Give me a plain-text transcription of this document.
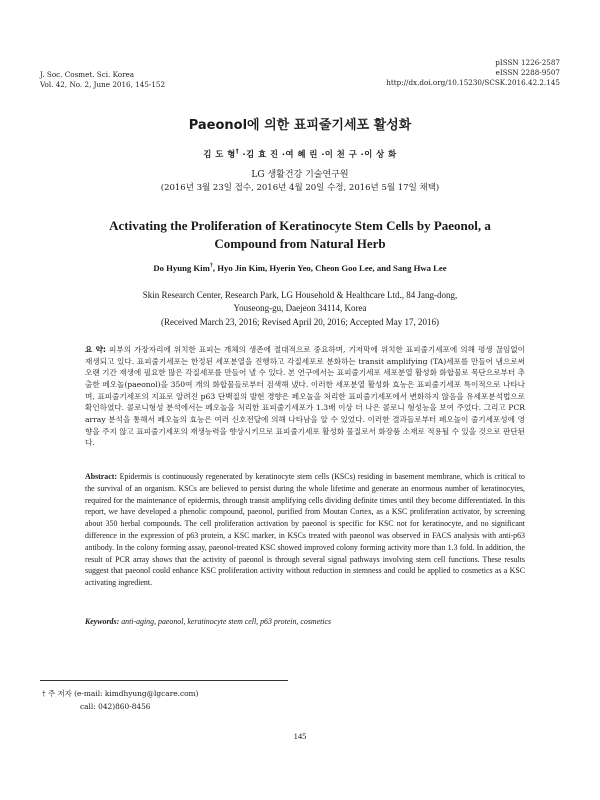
J. Soc. Cosmet. Sci. Korea
Vol. 42, No. 2, June 2016, 145-152
pISSN 1226-2587
eISSN 2288-9507
http://dx.doi.org/10.15230/SCSK.2016.42.2.145
Paeonol에 의한 표피줄기세포 활성화
김 도 형† ·김 효 진 ·여 혜 린 ·이 천 구 ·이 상 화
LG 생활건강 기술연구원
(2016년 3월 23일 접수, 2016년 4월 20일 수정, 2016년 5월 17일 채택)
Activating the Proliferation of Keratinocyte Stem Cells by Paeonol, a Compound from Natural Herb
Do Hyung Kim†, Hyo Jin Kim, Hyerin Yeo, Cheon Goo Lee, and Sang Hwa Lee
Skin Research Center, Research Park, LG Household & Healthcare Ltd., 84 Jang-dong,
Youseong-gu, Daejeon 34114, Korea
(Received March 23, 2016; Revised April 20, 2016; Accepted May 17, 2016)
요 약: 피부의 가장자리에 위치한 표피는 개체의 생존에 절대적으로 중요하며, 기저막에 위치한 표피줄기세포에 의해 평생 끊임없이 재생되고 있다. 표피줄기세포는 한정된 세포분열을 진행하고 각질세포로 분화하는 transit amplifying (TA)세포를 만들어 냄으로써 오랜 기간 재생에 필요한 많은 각질세포를 만들어 낼 수 있다. 본 연구에서는 표피줄기세포 세포분열 활성화 화합물로 목단으로부터 추출한 페오놀(paeonol)을 350여 개의 화합물들로부터 검색해 냈다. 이러한 세포분열 활성화 효능은 표피줄기세포 특이적으로 나타나며, 표피줄기세포의 지표로 알려진 p63 단백질의 발현 경향은 페오놀을 처리한 표피줄기세포에서 변화하지 않음을 유세포분석법으로 확인하였다. 콜로니형성 분석에서는 페오놀을 처리한 표피줄기세포가 1.3배 이상 더 나은 콜로니 형성능을 보여 주었다. 그리고 PCR array 분석을 통해서 페오놀의 효능은 여러 신호전달에 의해 나타남을 알 수 있었다. 이러한 결과들로부터 페오놀이 줄기세포성에 영향을 주지 않고 표피줄기세포의 재생능력을 향상시키므로 표피줄기세포 활성화 물질로서 화장품 소재로 적용될 수 있을 것으로 판단된다.
Abstract: Epidermis is continuously regenerated by keratinocyte stem cells (KSCs) residing in basement membrane, which is critical to the survival of an organism. KSCs are believed to persist during the whole lifetime and generate an enormous number of keratinocytes, required for the maintenance of epidermis, through transit amplifying cells dividing definite times until they become differentiated. In this report, we have developed a phenolic compound, paeonol, purified from Moutan Cortex, as a KSC proliferation activator, by screening about 350 herbal compounds. The cell proliferation activation by paeonol is specific for KSC not for keratinocyte, and no significant difference in the expression of p63 protein, a KSC marker, in KSCs treated with paeonol was observed in FACS analysis with anti-p63 antibody. In the colony forming assay, paeonol-treated KSC showed improved colony forming activity more than 1.3 fold. In addition, the result of PCR array shows that the activity of paeonol is through several signal pathways involving stem cell functions. These results suggest that paeonol could enhance KSC proliferation activity without reduction in stemness and could be applied to cosmetics as a KSC activating ingredient.
Keywords: anti-aging, paeonol, keratinocyte stem cell, p63 protein, cosmetics
† 주 저자 (e-mail: kimdhyung@lgcare.com)
call: 042)860-8456
145
